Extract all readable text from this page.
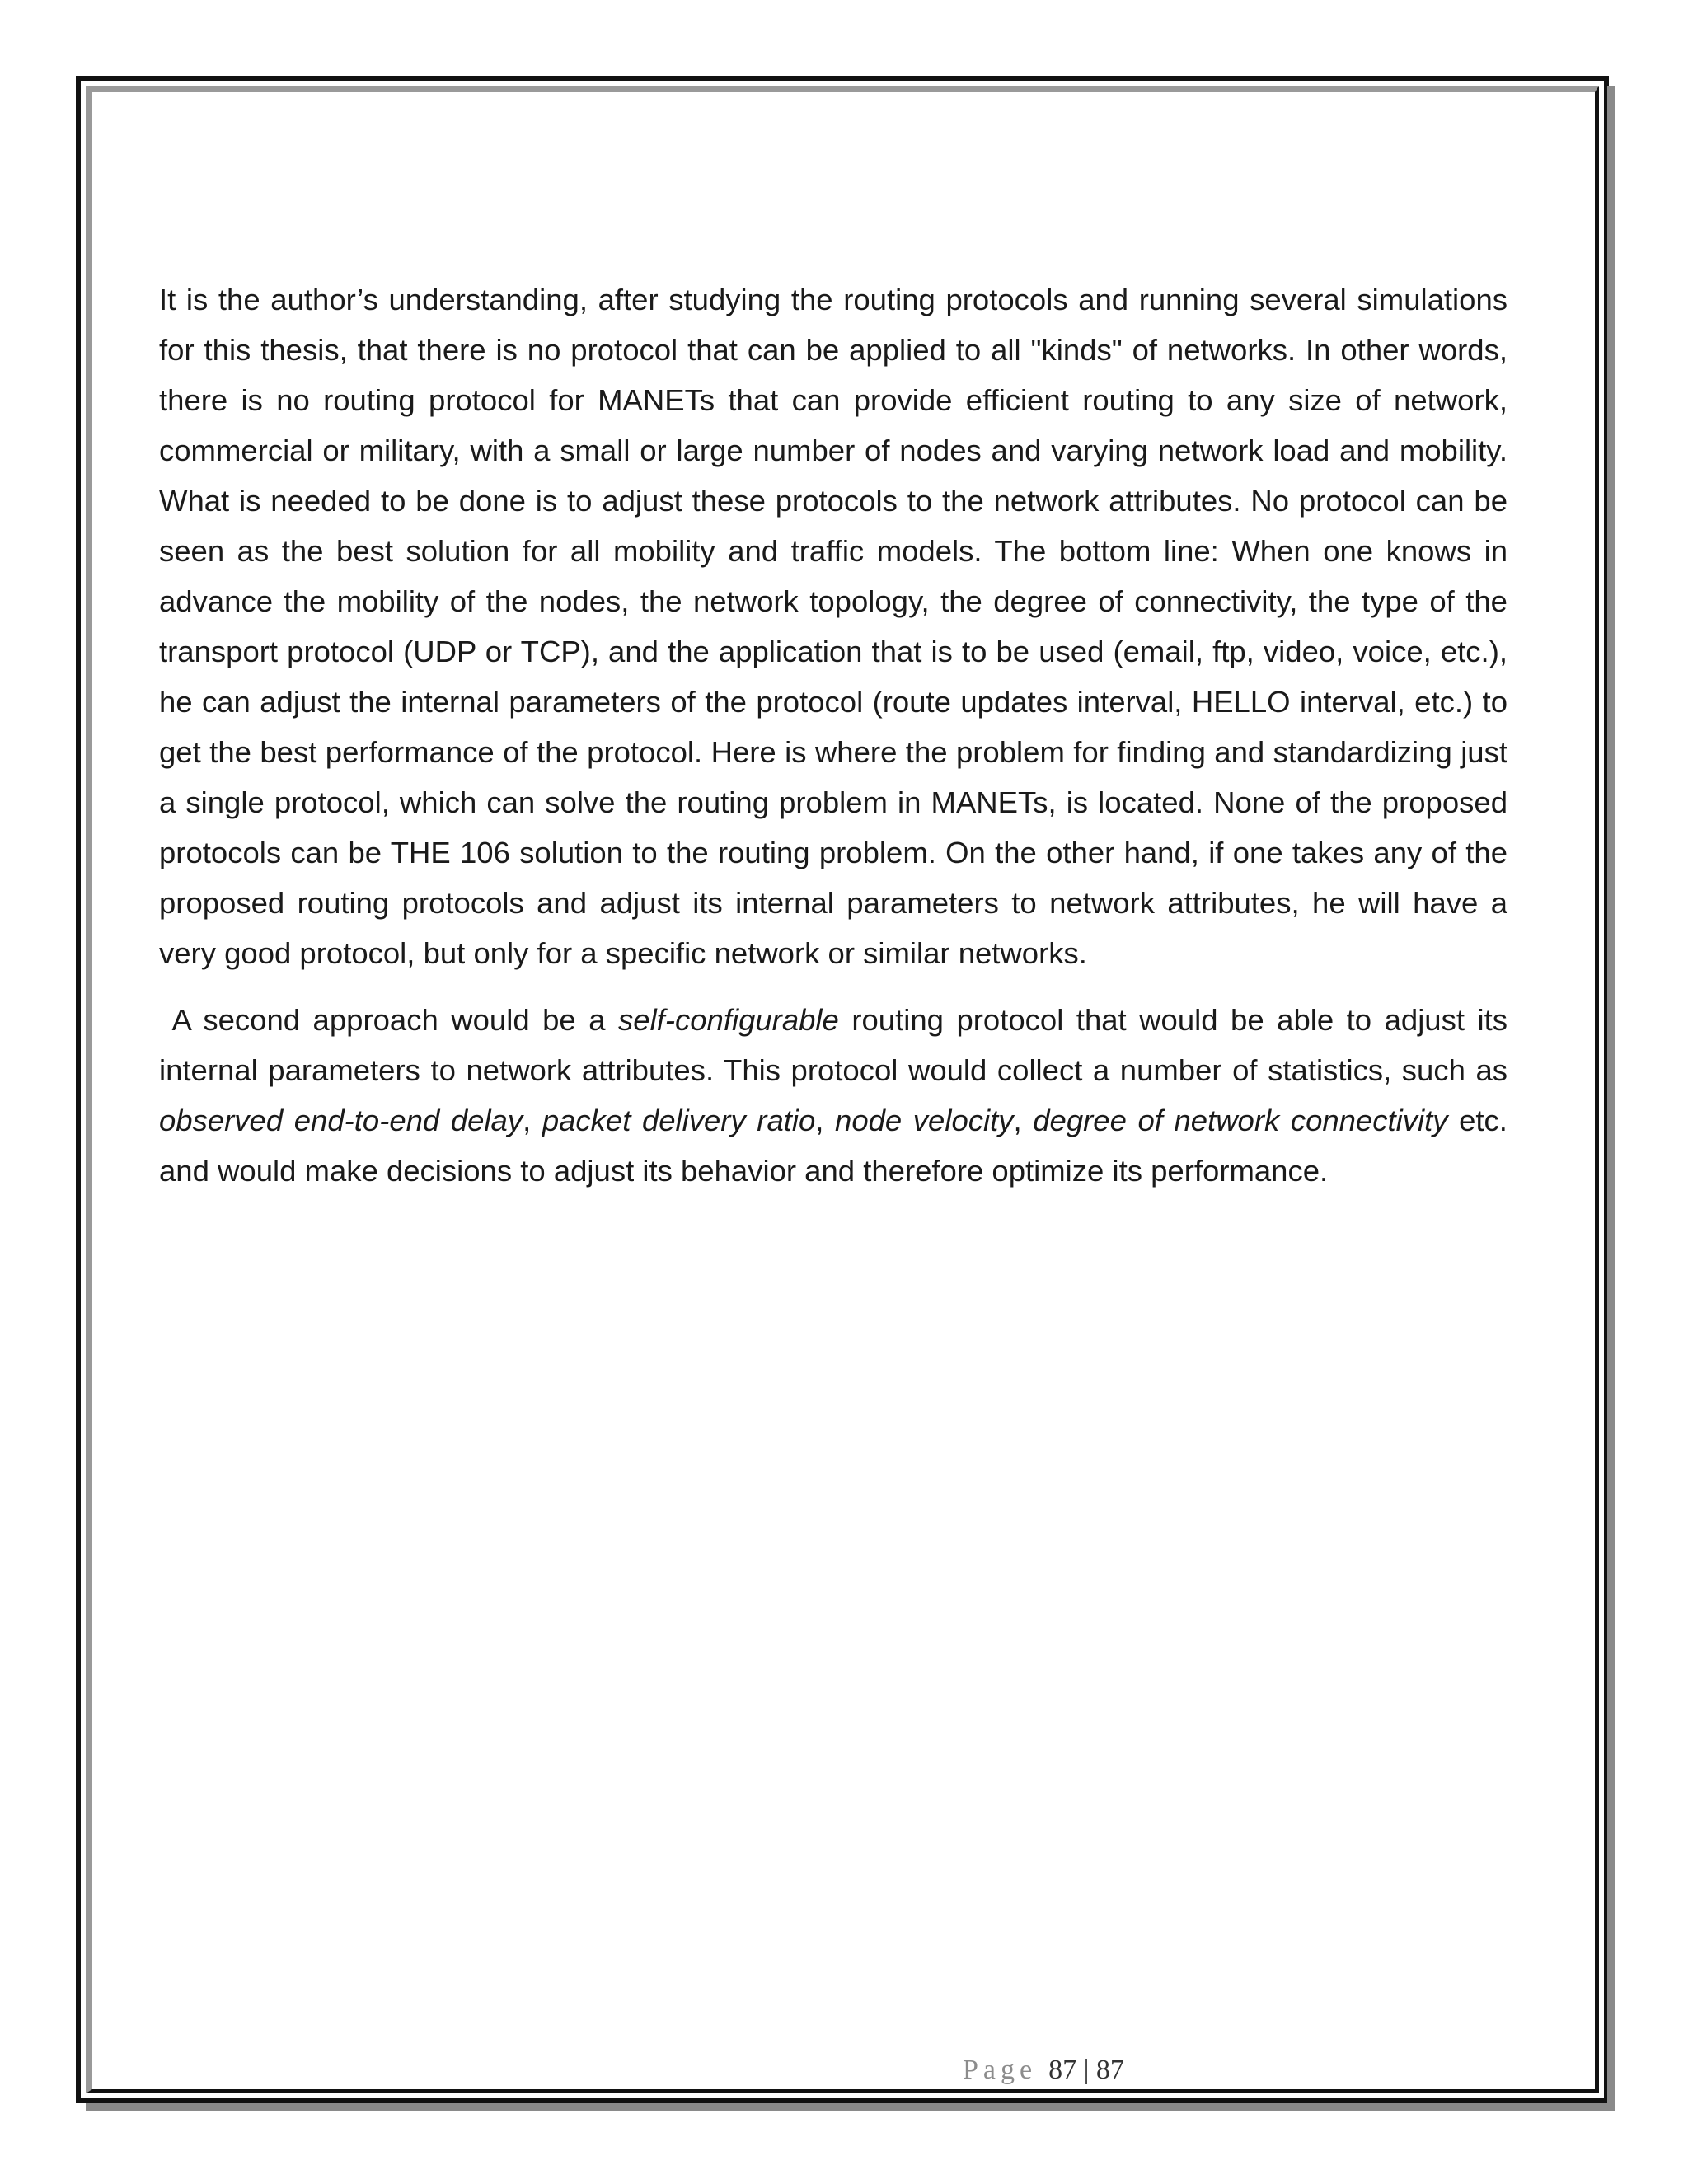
It is the author’s understanding, after studying the routing protocols and running several simulations for this thesis, that there is no protocol that can be applied to all "kinds" of networks. In other words, there is no routing protocol for MANETs that can provide efficient routing to any size of network, commercial or military, with a small or large number of nodes and varying network load and mobility. What is needed to be done is to adjust these protocols to the network attributes. No protocol can be seen as the best solution for all mobility and traffic models. The bottom line: When one knows in advance the mobility of the nodes, the network topology, the degree of connectivity, the type of the transport protocol (UDP or TCP), and the application that is to be used (email, ftp, video, voice, etc.), he can adjust the internal parameters of the protocol (route updates interval, HELLO interval, etc.) to get the best performance of the protocol. Here is where the problem for finding and standardizing just a single protocol, which can solve the routing problem in MANETs, is located. None of the proposed protocols can be THE 106 solution to the routing problem. On the other hand, if one takes any of the proposed routing protocols and adjust its internal parameters to network attributes, he will have a very good protocol, but only for a specific network or similar networks.

A second approach would be a self-configurable routing protocol that would be able to adjust its internal parameters to network attributes. This protocol would collect a number of statistics, such as observed end-to-end delay, packet delivery ratio, node velocity, degree of network connectivity etc. and would make decisions to adjust its behavior and therefore optimize its performance.

Page 87 | 87
